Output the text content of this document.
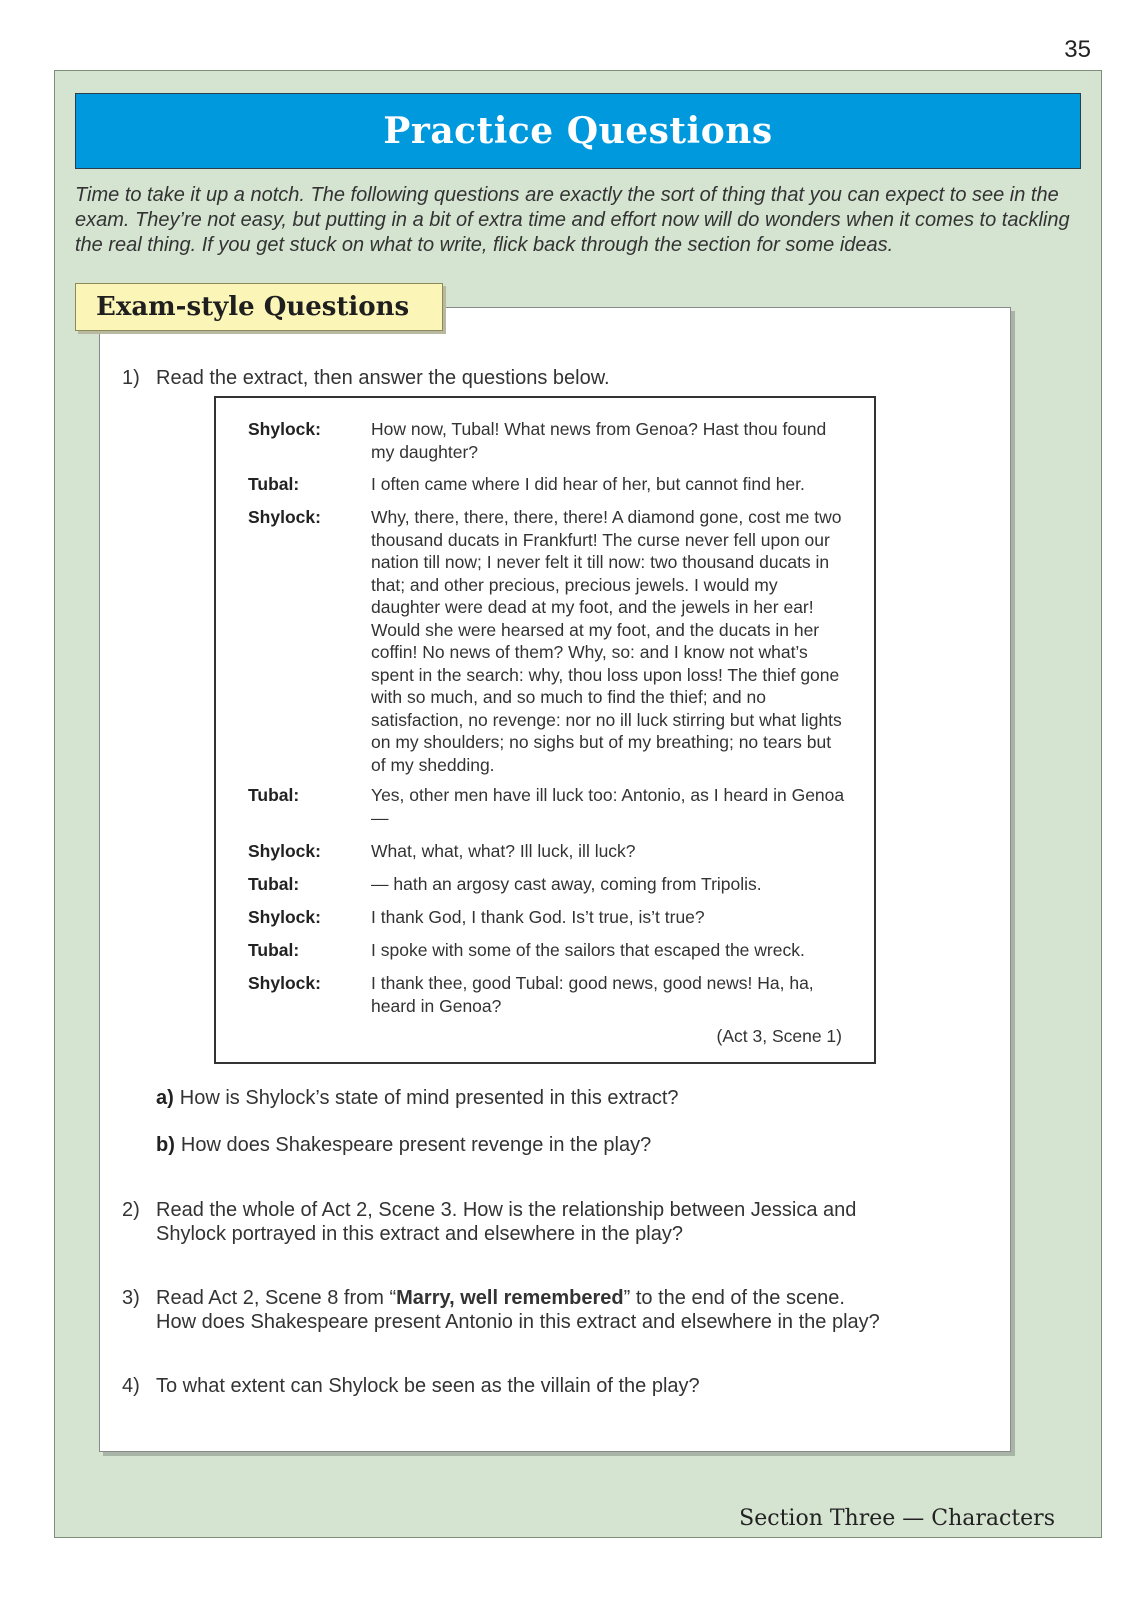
35
Practice Questions

Time to take it up a notch. The following questions are exactly the sort of thing that you can expect to see in the exam. They’re not easy, but putting in a bit of extra time and effort now will do wonders when it comes to tackling the real thing. If you get stuck on what to write, flick back through the section for some ideas.

1) Read the extract, then answer the questions below.
Shylock:	How now, Tubal! What news from Genoa? Hast thou found my daughter?
Tubal:	I often came where I did hear of her, but cannot find her.
Shylock:	Why, there, there, there, there! A diamond gone, cost me two thousand ducats in Frankfurt! The curse never fell upon our nation till now; I never felt it till now: two thousand ducats in that; and other precious, precious jewels. I would my daughter were dead at my foot, and the jewels in her ear! Would she were hearsed at my foot, and the ducats in her coffin! No news of them? Why, so: and I know not what’s spent in the search: why, thou loss upon loss! The thief gone with so much, and so much to find the thief; and no satisfaction, no revenge: nor no ill luck stirring but what lights on my shoulders; no sighs but of my breathing; no tears but of my shedding.
Tubal:	Yes, other men have ill luck too: Antonio, as I heard in Genoa —
Shylock:	What, what, what? Ill luck, ill luck?
Tubal:	— hath an argosy cast away, coming from Tripolis.
Shylock:	I thank God, I thank God. Is’t true, is’t true?
Tubal:	I spoke with some of the sailors that escaped the wreck.
Shylock:	I thank thee, good Tubal: good news, good news! Ha, ha, heard in Genoa?
(Act 3, Scene 1)
a) How is Shylock’s state of mind presented in this extract?
b) How does Shakespeare present revenge in the play?
2) Read the whole of Act 2, Scene 3. How is the relationship between Jessica and Shylock portrayed in this extract and elsewhere in the play?
3) Read Act 2, Scene 8 from “Marry, well remembered” to the end of the scene. How does Shakespeare present Antonio in this extract and elsewhere in the play?
4) To what extent can Shylock be seen as the villain of the play?
Exam-style Questions
Section Three — Characters
